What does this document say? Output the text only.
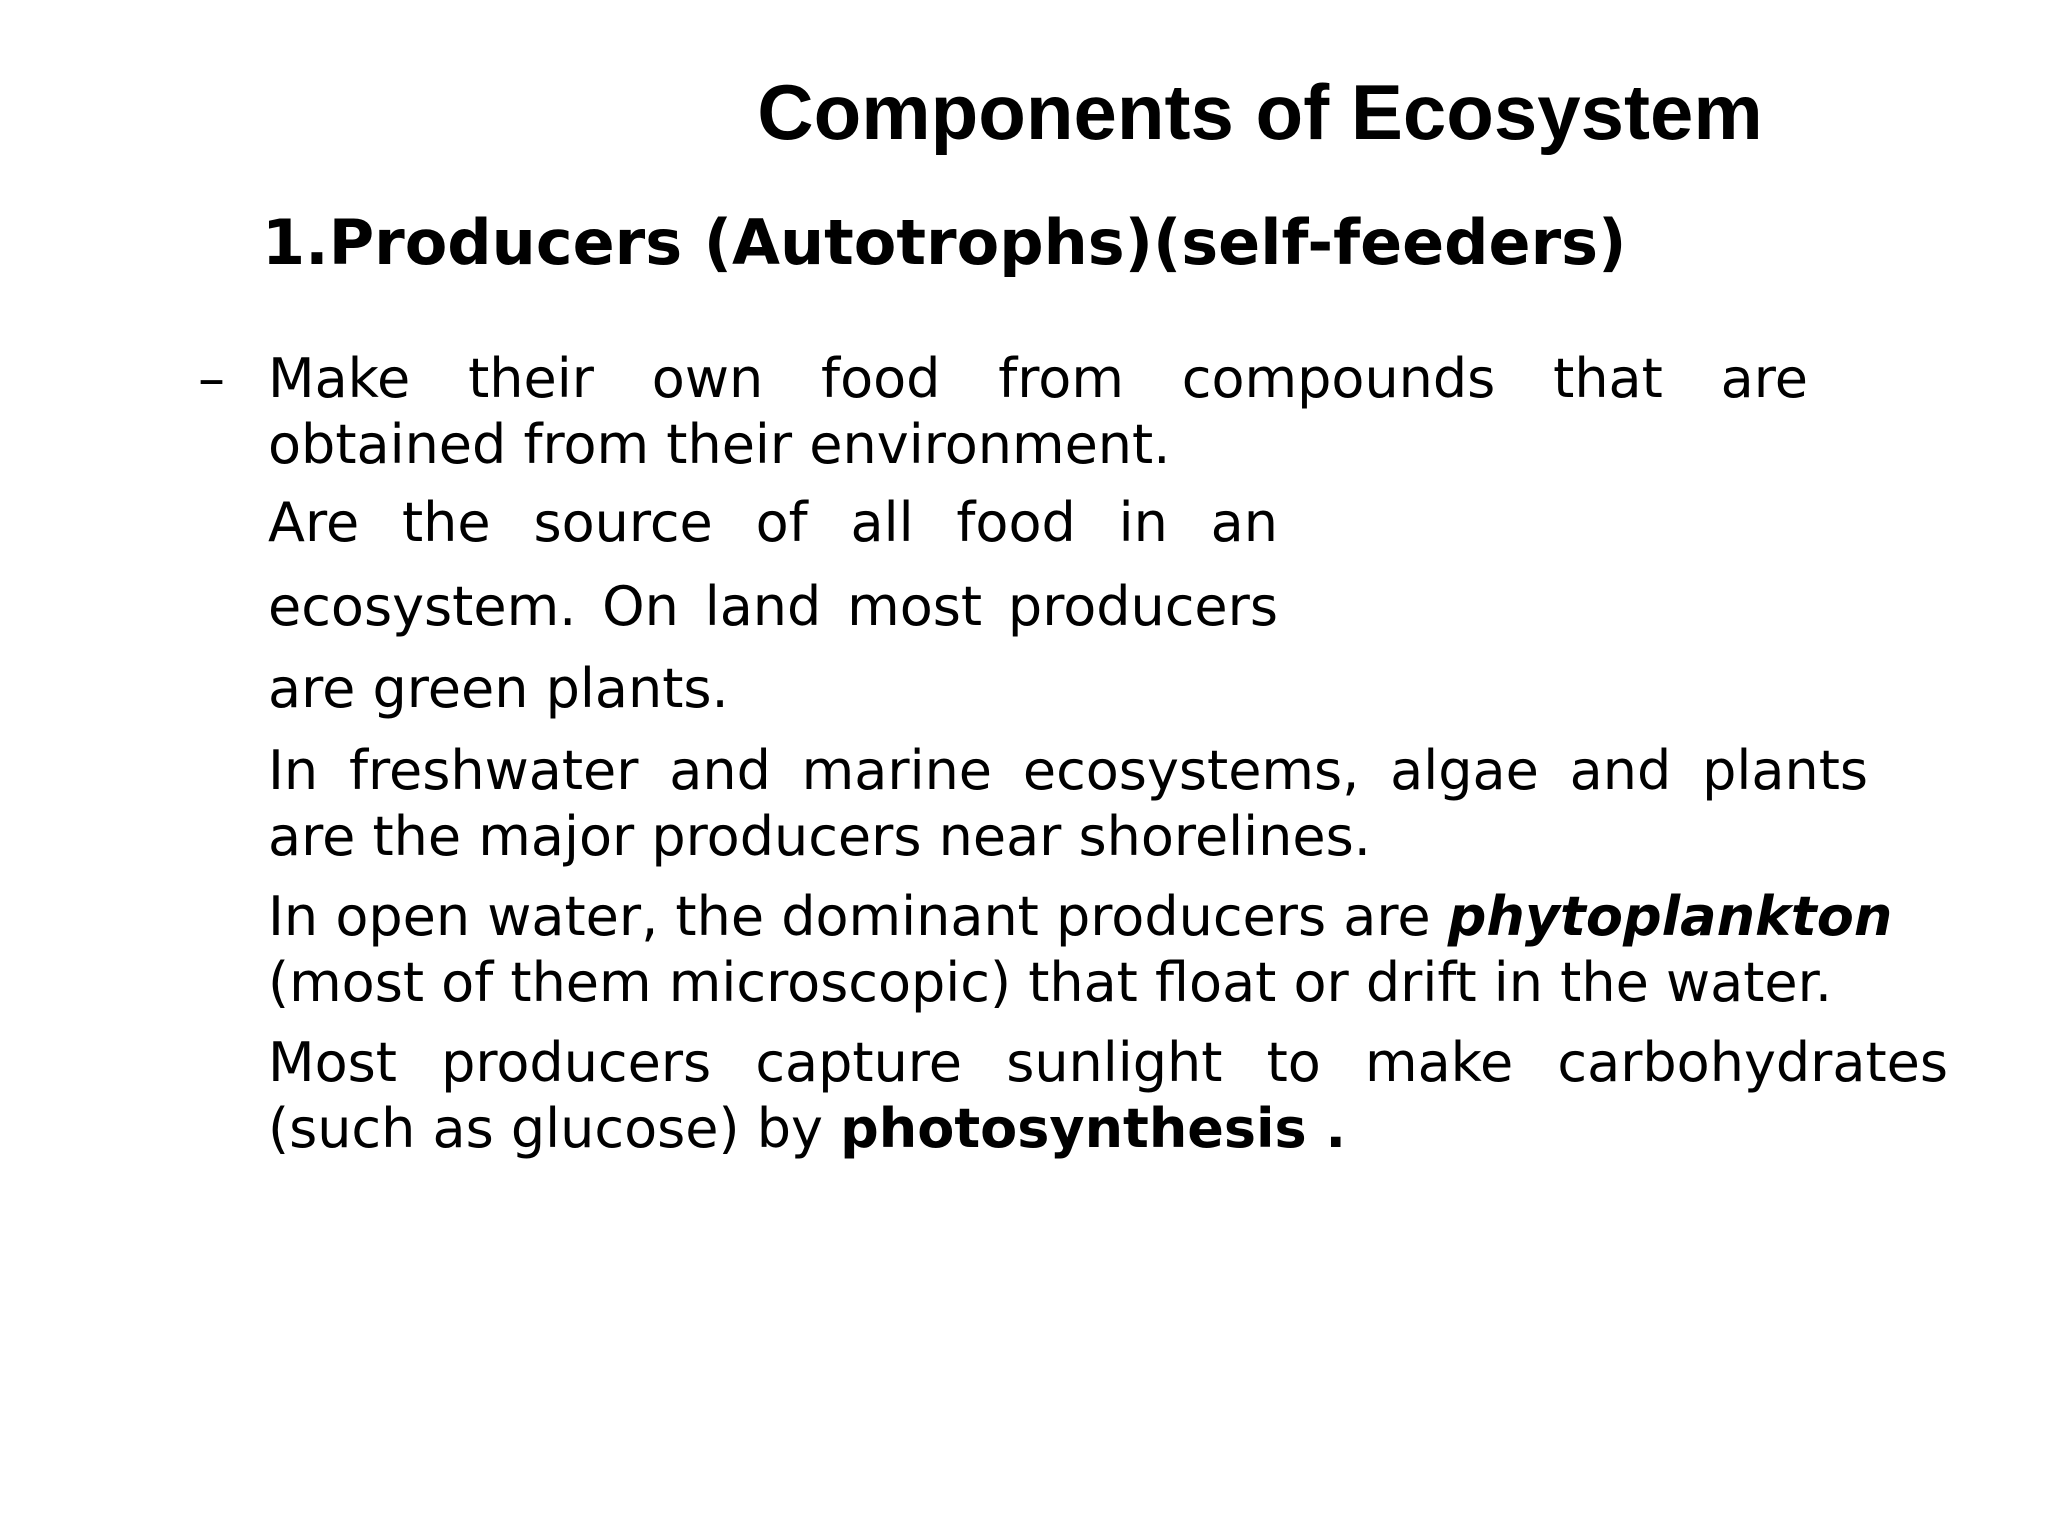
Components of Ecosystem
1.Producers (Autotrophs)(self-feeders)
– Make their own food from compounds that are
obtained from their environment.

Are the source of all food in an

ecosystem. On land most producers

are green plants.

In freshwater and marine ecosystems, algae and plants
are the major producers near shorelines.

In open water, the dominant producers are phytoplankton
(most of them microscopic) that float or drift in the water.

Most producers capture sunlight to make carbohydrates
(such as glucose) by photosynthesis .
